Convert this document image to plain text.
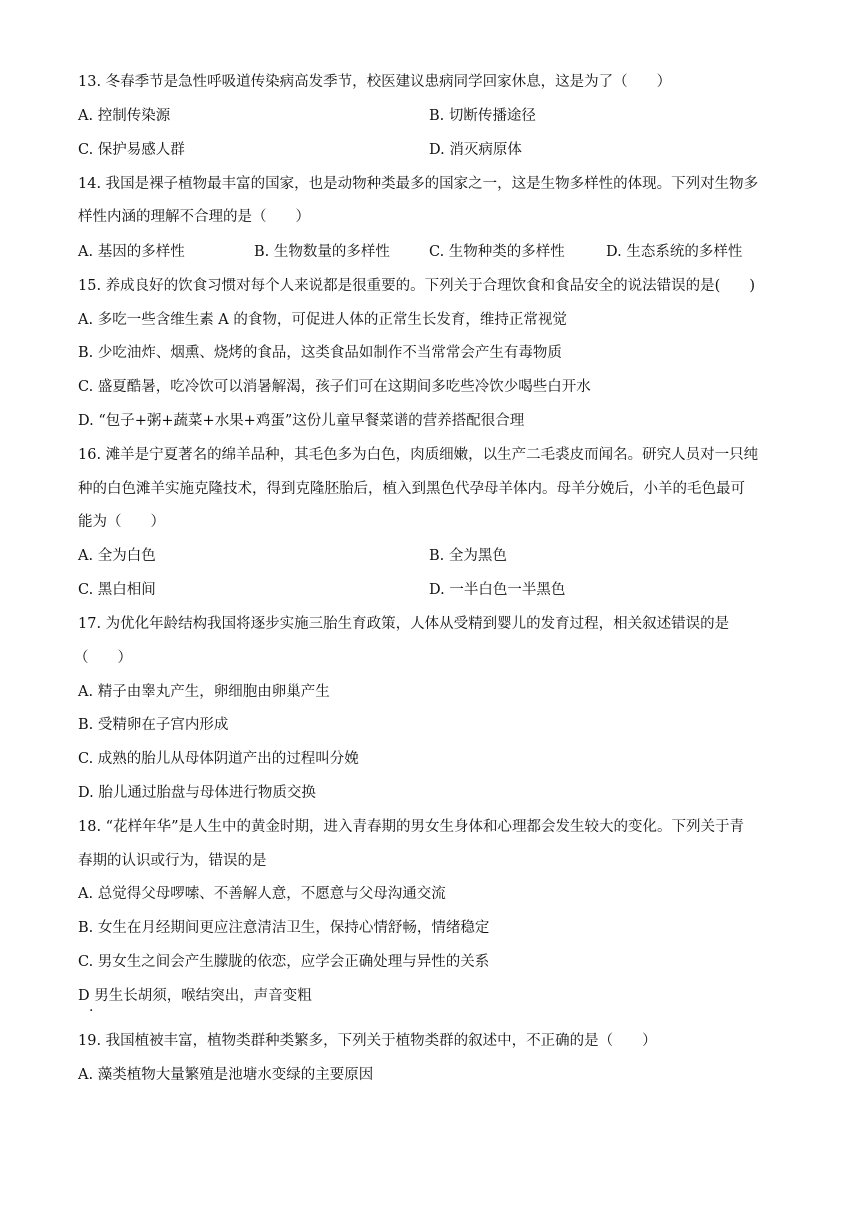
13. 冬春季节是急性呼吸道传染病高发季节，校医建议患病同学回家休息，这是为了（　　）
A. 控制传染源	B. 切断传播途径
C. 保护易感人群	D. 消灭病原体
14. 我国是裸子植物最丰富的国家，也是动物种类最多的国家之一，这是生物多样性的体现。下列对生物多
样性内涵的理解不合理的是（　　）
A. 基因的多样性	B. 生物数量的多样性	C. 生物种类的多样性	D. 生态系统的多样性
15. 养成良好的饮食习惯对每个人来说都是很重要的。下列关于合理饮食和食品安全的说法错误的是(　　)
A. 多吃一些含维生素 A 的食物，可促进人体的正常生长发育，维持正常视觉
B. 少吃油炸、烟熏、烧烤的食品，这类食品如制作不当常常会产生有毒物质
C. 盛夏酷暑，吃冷饮可以消暑解渴，孩子们可在这期间多吃些冷饮少喝些白开水
D. “包子+粥+蔬菜+水果+鸡蛋”这份儿童早餐菜谱的营养搭配很合理
16. 滩羊是宁夏著名的绵羊品种，其毛色多为白色，肉质细嫩，以生产二毛裘皮而闻名。研究人员对一只纯
种的白色滩羊实施克隆技术，得到克隆胚胎后，植入到黑色代孕母羊体内。母羊分娩后，小羊的毛色最可
能为（　　）
A. 全为白色	B. 全为黑色
C. 黑白相间	D. 一半白色一半黑色
17. 为优化年龄结构我国将逐步实施三胎生育政策，人体从受精到婴儿的发育过程，相关叙述错误的是
（　　）
A. 精子由睾丸产生，卵细胞由卵巢产生
B. 受精卵在子宫内形成
C. 成熟的胎儿从母体阴道产出的过程叫分娩
D. 胎儿通过胎盘与母体进行物质交换
18. “花样年华”是人生中的黄金时期，进入青春期的男女生身体和心理都会发生较大的变化。下列关于青
春期的认识或行为，错误的是
A. 总觉得父母啰嗦、不善解人意，不愿意与父母沟通交流
B. 女生在月经期间更应注意清洁卫生，保持心情舒畅，情绪稳定
C. 男女生之间会产生朦胧的依恋，应学会正确处理与异性的关系
D 男生长胡须，喉结突出，声音变粗
·
19. 我国植被丰富，植物类群种类繁多，下列关于植物类群的叙述中，不正确的是（　　）
A. 藻类植物大量繁殖是池塘水变绿的主要原因
